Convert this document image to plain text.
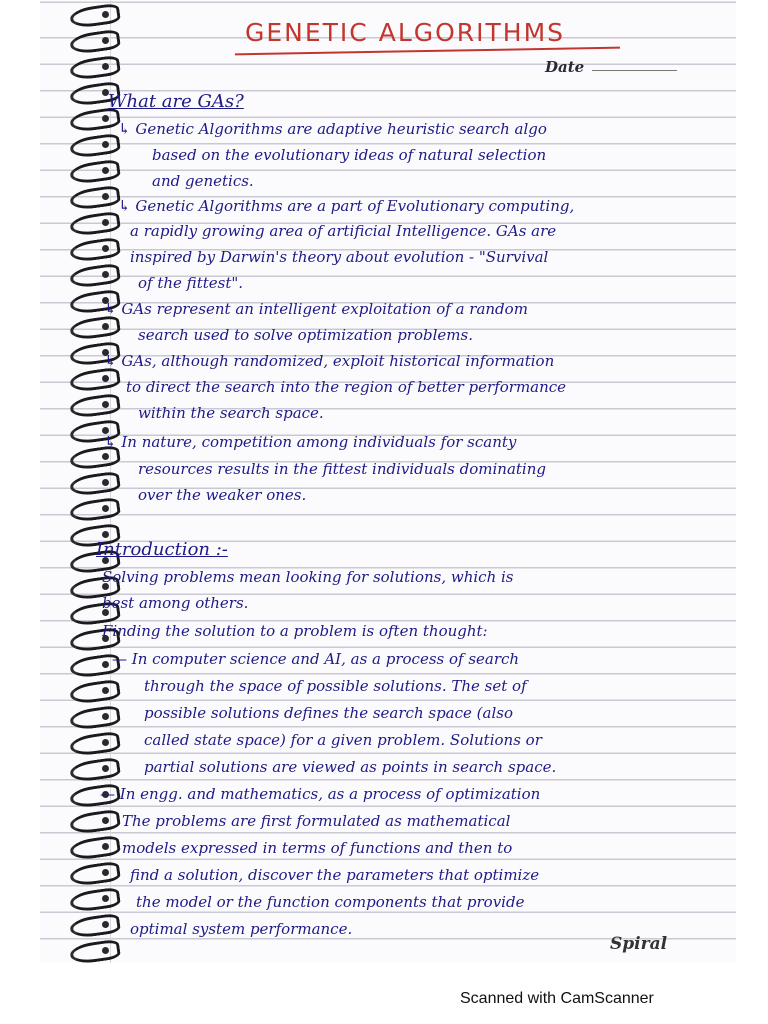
GENETIC ALGORITHMS
Date
What are GAs?
↳ Genetic Algorithms are adaptive heuristic search algo
based on the evolutionary ideas of natural selection
and genetics.
↳ Genetic Algorithms are a part of Evolutionary computing,
a rapidly growing area of artificial Intelligence. GAs are
inspired by Darwin's theory about evolution - "Survival
of the fittest".
↳ GAs represent an intelligent exploitation of a random
search used to solve optimization problems.
↳ GAs, although randomized, exploit historical information
to direct the search into the region of better performance
within the search space.
↳ In nature, competition among individuals for scanty
resources results in the fittest individuals dominating
over the weaker ones.
Introduction :-
Solving problems mean looking for solutions, which is
best among others.
Finding the solution to a problem is often thought:
— In computer science and AI, as a process of search
through the space of possible solutions. The set of
possible solutions defines the search space (also
called state space) for a given problem. Solutions or
partial solutions are viewed as points in search space.
— In engg. and mathematics, as a process of optimization
The problems are first formulated as mathematical
models expressed in terms of functions and then to
find a solution, discover the parameters that optimize
the model or the function components that provide
optimal system performance.
Spiral
Scanned with CamScanner
